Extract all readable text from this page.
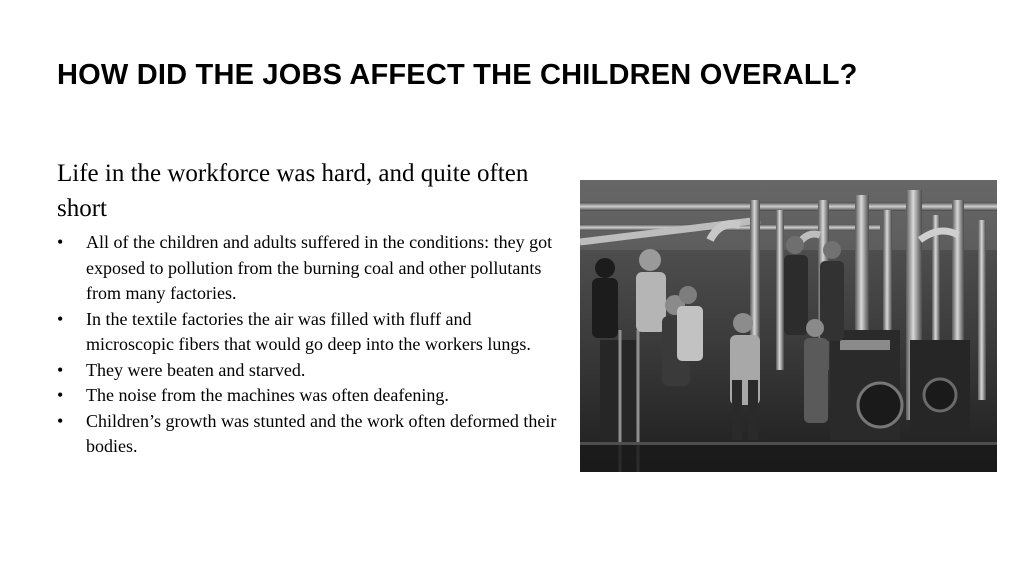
HOW DID THE JOBS AFFECT THE CHILDREN OVERALL?

Life in the workforce was hard, and quite often short

•	All of the children and adults suffered in the conditions: they got exposed to pollution from the burning coal and other pollutants from many factories.
•	In the textile factories the air was filled with fluff and microscopic fibers that would go deep into the workers lungs.
•	They were beaten and starved.
•	The noise from the machines was often deafening.
•	Children’s growth was stunted and the work often deformed their bodies.
